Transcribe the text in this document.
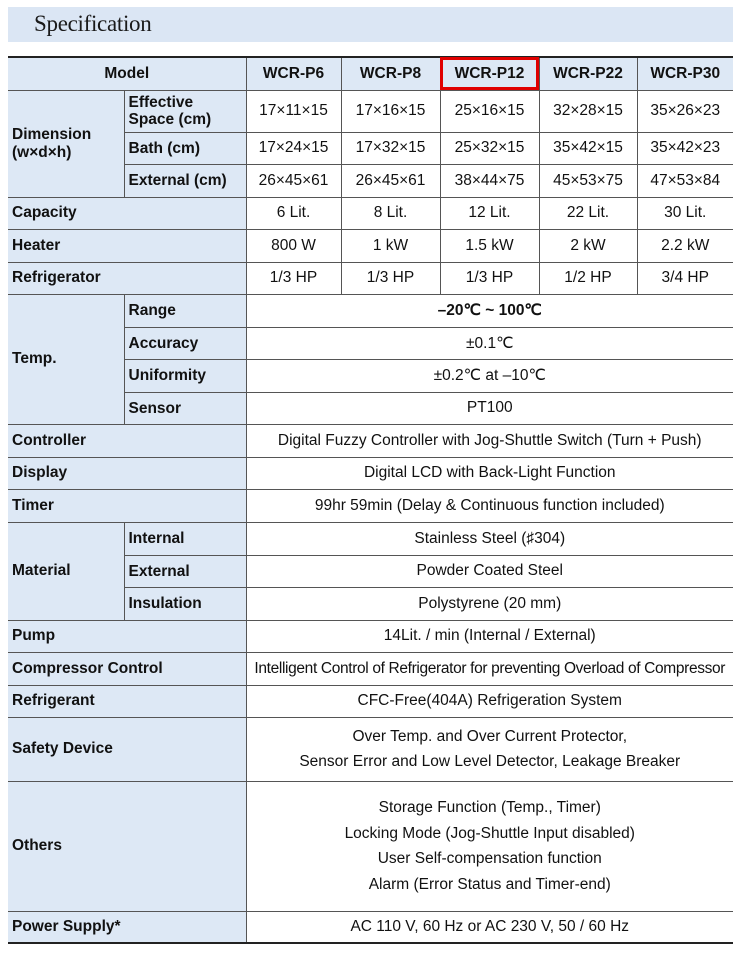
Specification
Model		WCR-P6	WCR-P8	WCR-P12	WCR-P22	WCR-P30

Dimension
(w×d×h)	Effective Space (cm)	17×11×15	17×16×15	25×16×15	32×28×15	35×26×23
	Bath (cm)	17×24×15	17×32×15	25×32×15	35×42×15	35×42×23
	External (cm)	26×45×61	26×45×61	38×44×75	45×53×75	47×53×84
Capacity		6 Lit.	8 Lit.	12 Lit.	22 Lit.	30 Lit.
Heater		800 W	1 kW	1.5 kW	2 kW	2.2 kW
Refrigerator		1/3 HP	1/3 HP	1/3 HP	1/2 HP	3/4 HP
Temp.	Range	–20℃ ~ 100℃				
	Accuracy	±0.1℃				
	Uniformity	±0.2℃ at –10℃				
	Sensor	PT100				
Controller		Digital Fuzzy Controller with Jog-Shuttle Switch (Turn + Push)				
Display		Digital LCD with Back-Light Function				
Timer		99hr 59min (Delay & Continuous function included)				
Material	Internal	Stainless Steel (♯304)				
	External	Powder Coated Steel				
	Insulation	Polystyrene (20 mm)				
Pump		14Lit. / min (Internal / External)				
Compressor Control		Intelligent Control of Refrigerator for preventing Overload of Compressor				
Refrigerant		CFC-Free(404A) Refrigeration System				
Safety Device		Over Temp. and Over Current Protector,
Sensor Error and Low Level Detector, Leakage Breaker				

Others		Storage Function (Temp., Timer)
Locking Mode (Jog-Shuttle Input disabled)
User Self-compensation function
Alarm (Error Status and Timer-end)				

Power Supply*		AC 110 V, 60 Hz or AC 230 V, 50 / 60 Hz				
